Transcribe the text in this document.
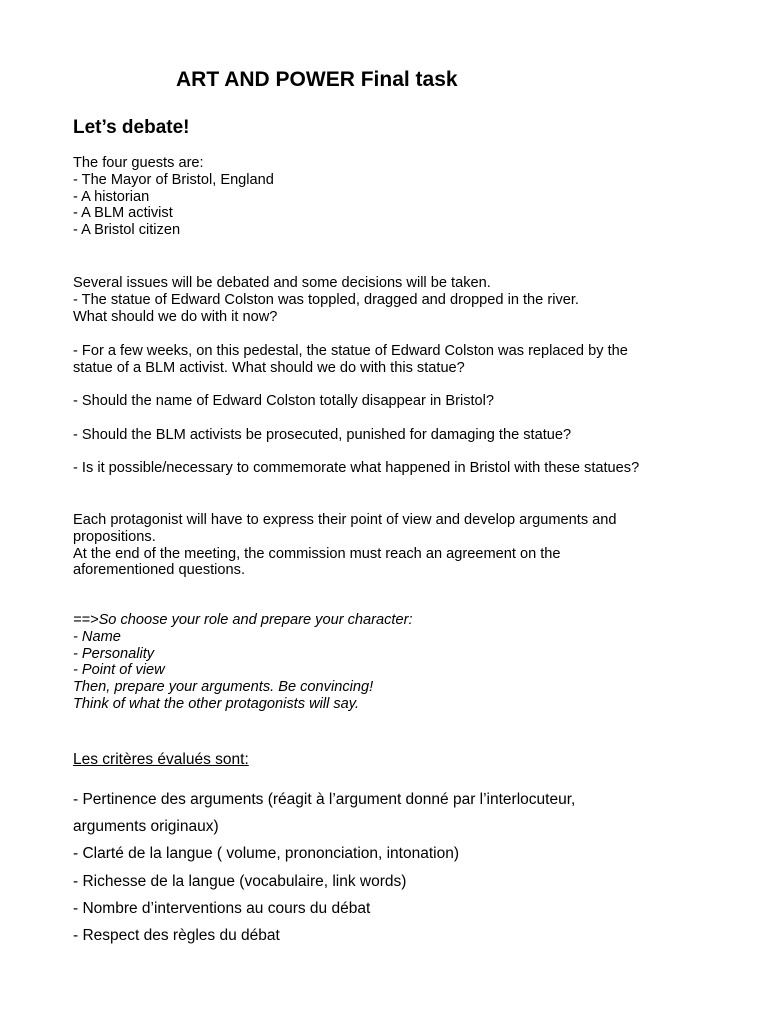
ART AND POWER Final task
Let’s debate!
The four guests are:
- The Mayor of Bristol, England
- A historian
- A BLM activist
- A Bristol citizen
Several issues will be debated and some decisions will be taken.
- The statue of Edward Colston was toppled, dragged and dropped in the river.
What should we do with it now?
- For a few weeks, on this pedestal, the statue of Edward Colston was replaced by the
statue of a BLM activist. What should we do with this statue?
- Should the name of Edward Colston totally disappear in Bristol?
- Should the BLM activists be prosecuted, punished for damaging the statue?
- Is it possible/necessary to commemorate what happened in Bristol with these statues?
Each protagonist will have to express their point of view and develop arguments and
propositions.
At the end of the meeting, the commission must reach an agreement on the
aforementioned questions.
==>So choose your role and prepare your character:
- Name
- Personality
- Point of view
Then, prepare your arguments. Be convincing!
Think of what the other protagonists will say.
Les critères évalués sont:
- Pertinence des arguments (réagit à l’argument donné par l’interlocuteur,
arguments originaux)
- Clarté de la langue ( volume, prononciation, intonation)
- Richesse de la langue (vocabulaire, link words)
- Nombre d’interventions au cours du débat
- Respect des règles du débat
